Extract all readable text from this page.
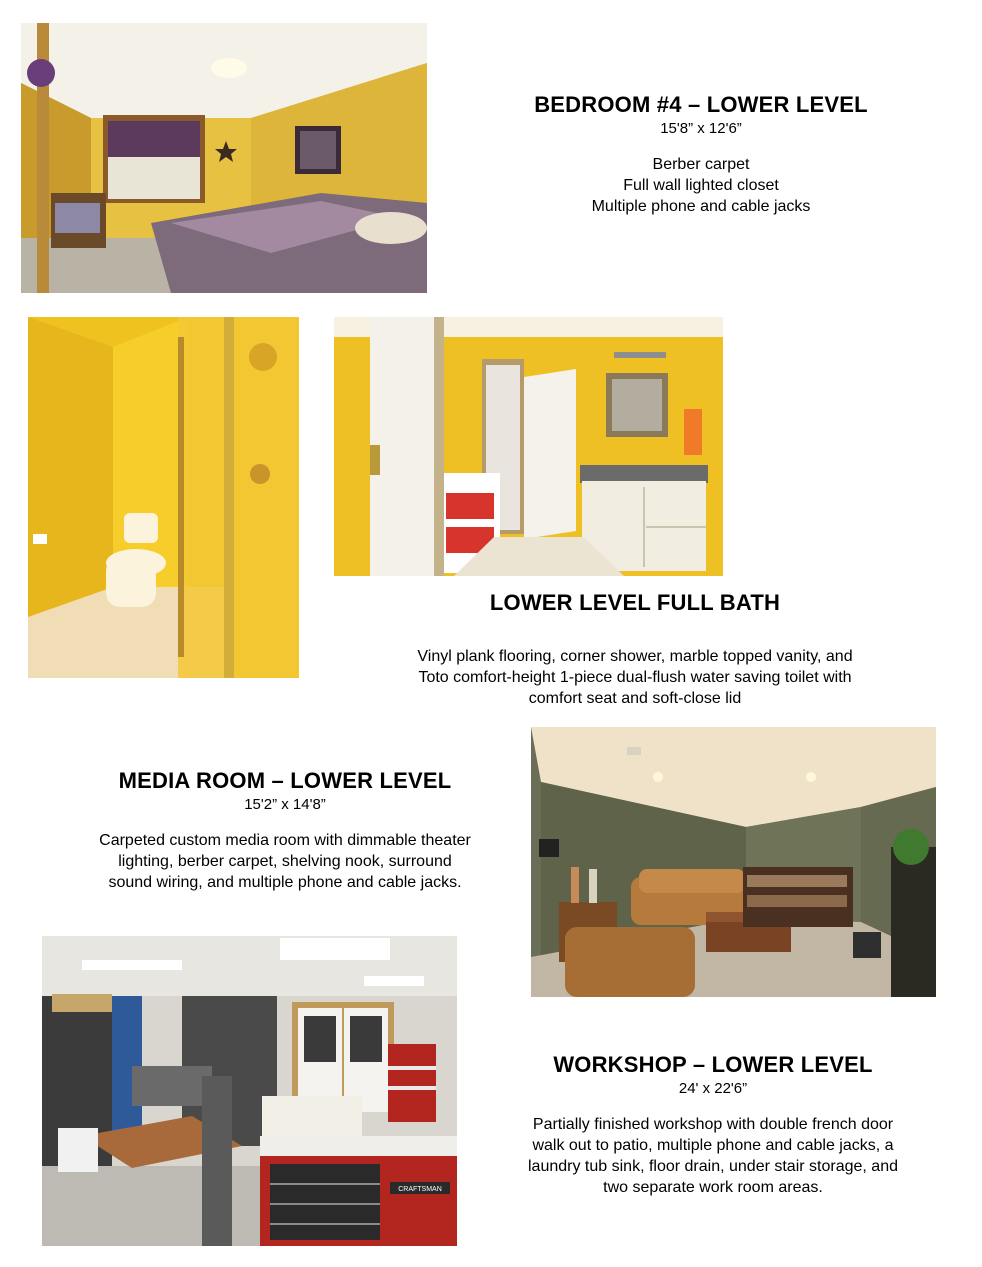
BEDROOM #4 – LOWER LEVEL
15'8” x 12'6”
Berber carpet
Full wall lighted closet
Multiple phone and cable jacks
LOWER LEVEL FULL BATH
Vinyl plank flooring, corner shower, marble topped vanity, and
Toto comfort-height 1-piece dual-flush water saving toilet with
comfort seat and soft-close lid
MEDIA ROOM – LOWER LEVEL
15'2” x 14'8”
Carpeted custom media room with dimmable theater
lighting, berber carpet, shelving nook, surround
sound wiring, and multiple phone and cable jacks.
CRAFTSMAN
WORKSHOP – LOWER LEVEL
24' x 22'6”
Partially finished workshop with double french door
walk out to patio, multiple phone and cable jacks, a
laundry tub sink, floor drain, under stair storage, and
two separate work room areas.
